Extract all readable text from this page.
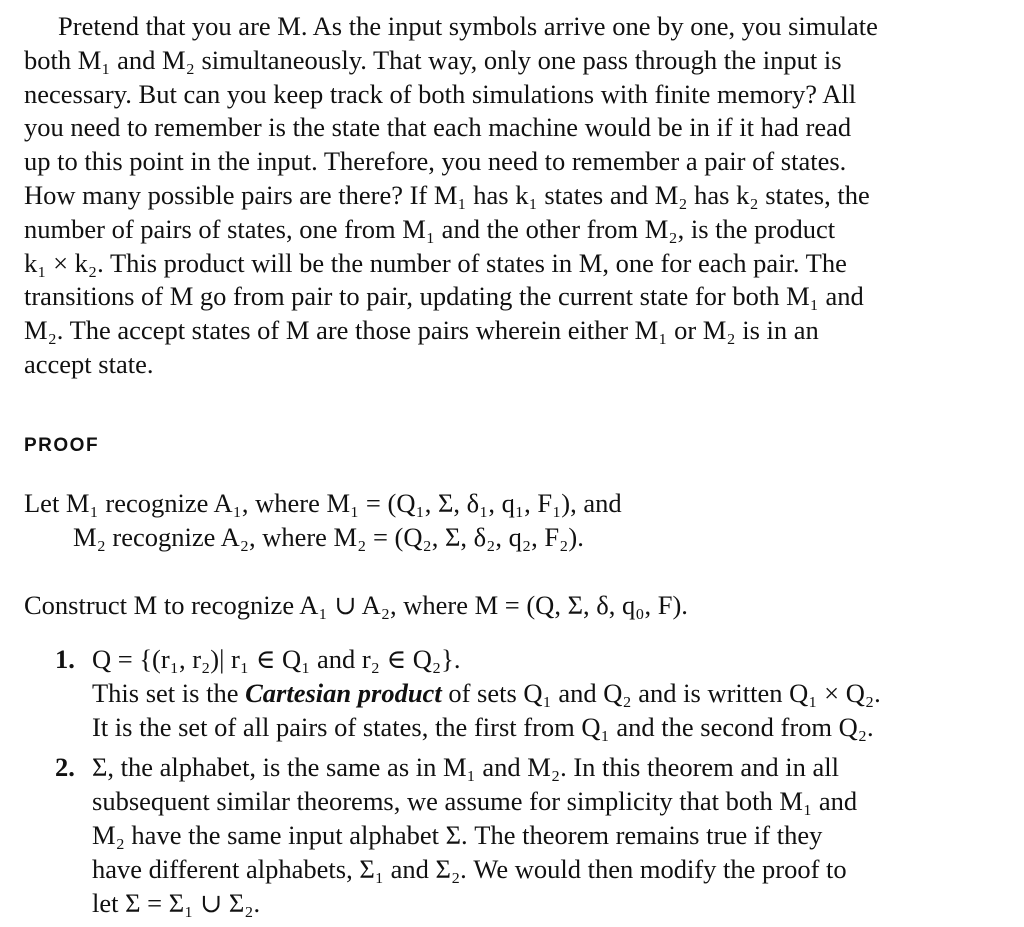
Pretend that you are M. As the input symbols arrive one by one, you simulate
both M₁ and M₂ simultaneously. That way, only one pass through the input is
necessary. But can you keep track of both simulations with finite memory? All
you need to remember is the state that each machine would be in if it had read
up to this point in the input. Therefore, you need to remember a pair of states.
How many possible pairs are there? If M₁ has k₁ states and M₂ has k₂ states, the
number of pairs of states, one from M₁ and the other from M₂, is the product
k₁ × k₂. This product will be the number of states in M, one for each pair. The
transitions of M go from pair to pair, updating the current state for both M₁ and
M₂. The accept states of M are those pairs wherein either M₁ or M₂ is in an
accept state.
PROOF
Let M₁ recognize A₁, where M₁ = (Q₁, Σ, δ₁, q₁, F₁), and
M₂ recognize A₂, where M₂ = (Q₂, Σ, δ₂, q₂, F₂).
Construct M to recognize A₁ ∪ A₂, where M = (Q, Σ, δ, q₀, F).
1. Q = {(r₁, r₂)| r₁ ∈ Q₁ and r₂ ∈ Q₂}.
This set is the Cartesian product of sets Q₁ and Q₂ and is written Q₁ × Q₂.
It is the set of all pairs of states, the first from Q₁ and the second from Q₂.
2. Σ, the alphabet, is the same as in M₁ and M₂. In this theorem and in all
subsequent similar theorems, we assume for simplicity that both M₁ and
M₂ have the same input alphabet Σ. The theorem remains true if they
have different alphabets, Σ₁ and Σ₂. We would then modify the proof to
let Σ = Σ₁ ∪ Σ₂.
